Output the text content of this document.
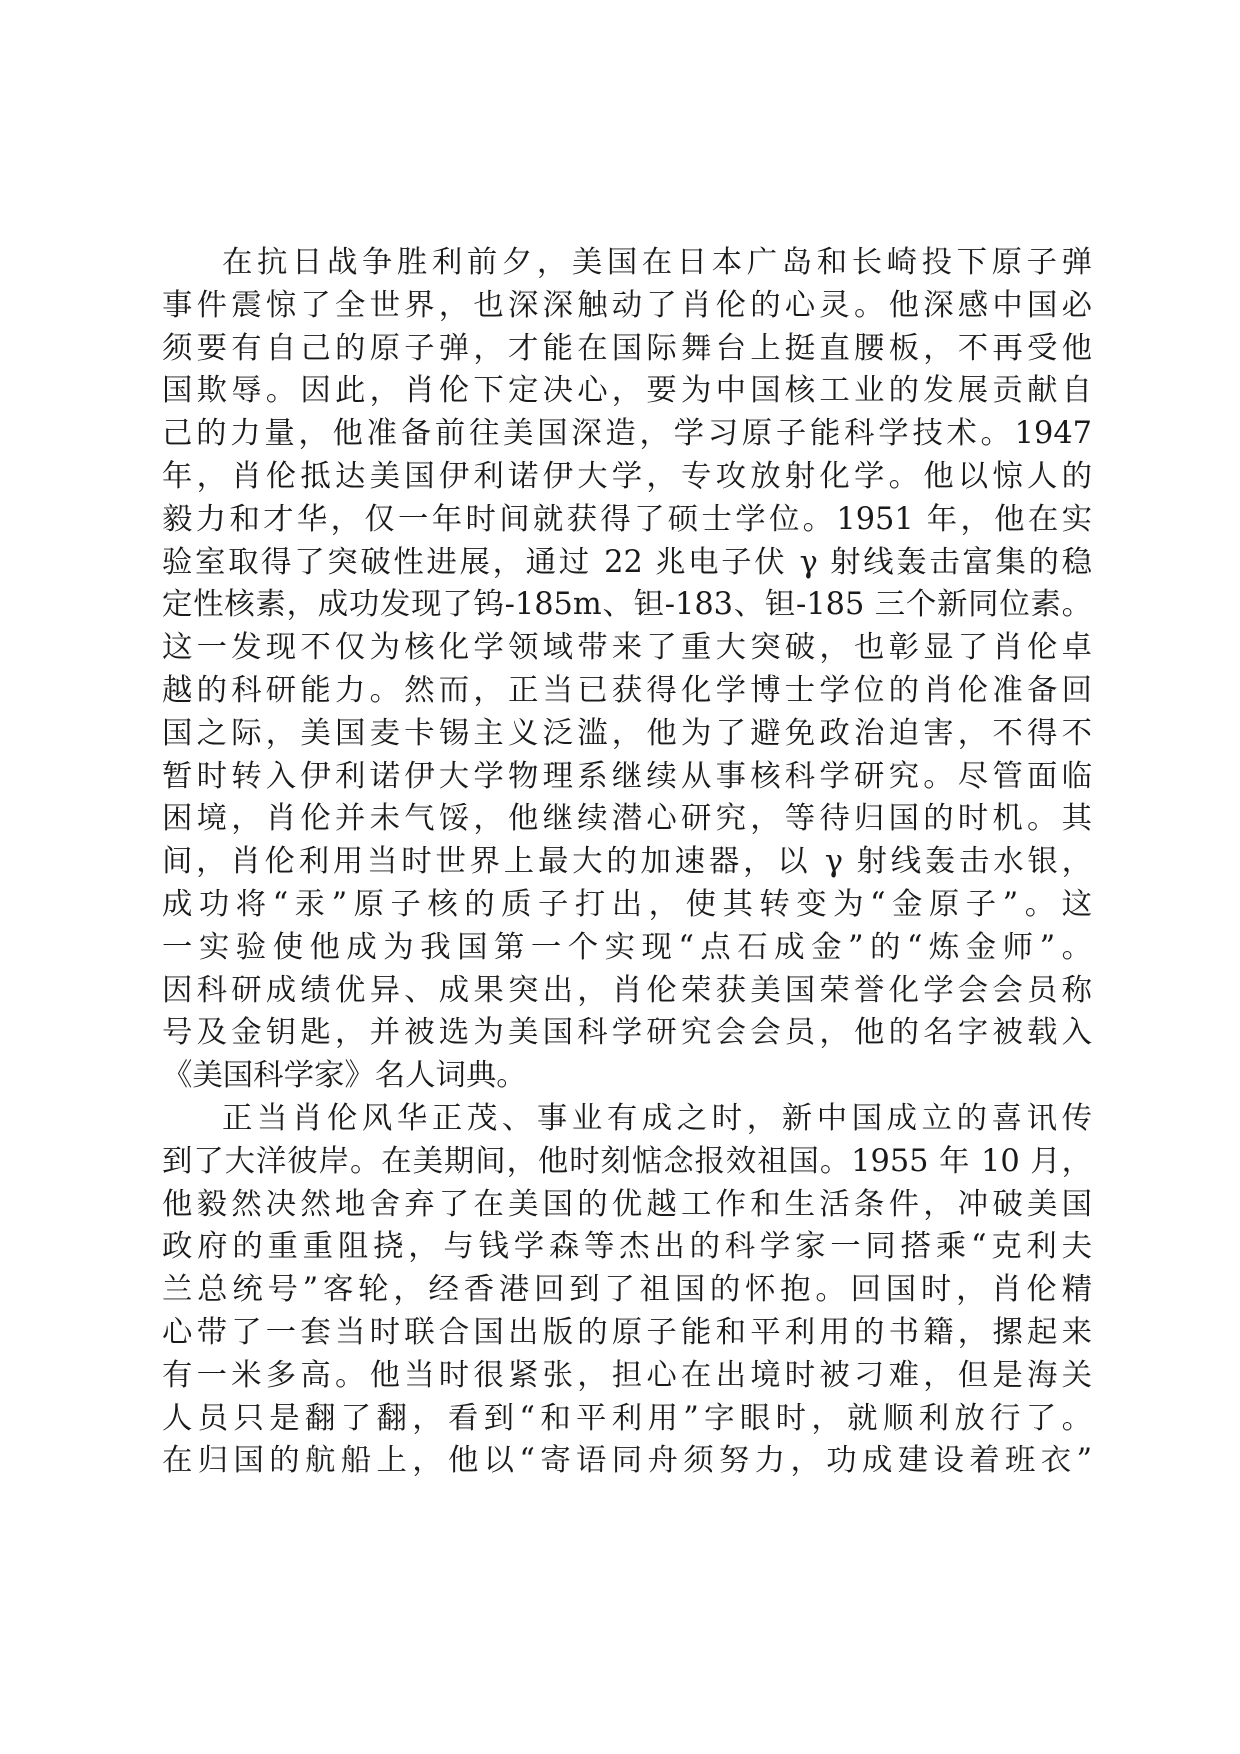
在抗日战争胜利前夕，美国在日本广岛和长崎投下原子弹
事件震惊了全世界，也深深触动了肖伦的心灵。他深感中国必
须要有自己的原子弹，才能在国际舞台上挺直腰板，不再受他
国欺辱。因此，肖伦下定决心，要为中国核工业的发展贡献自
己的力量，他准备前往美国深造，学习原子能科学技术。1947
年，肖伦抵达美国伊利诺伊大学，专攻放射化学。他以惊人的
毅力和才华，仅一年时间就获得了硕士学位。1951 年，他在实
验室取得了突破性进展，通过 22 兆电子伏 γ 射线轰击富集的稳
定性核素，成功发现了钨-185m、钽-183、钽-185 三个新同位素。
这一发现不仅为核化学领域带来了重大突破，也彰显了肖伦卓
越的科研能力。然而，正当已获得化学博士学位的肖伦准备回
国之际，美国麦卡锡主义泛滥，他为了避免政治迫害，不得不
暂时转入伊利诺伊大学物理系继续从事核科学研究。尽管面临
困境，肖伦并未气馁，他继续潜心研究，等待归国的时机。其
间，肖伦利用当时世界上最大的加速器，以 γ 射线轰击水银，
成功将“汞”原子核的质子打出，使其转变为“金原子”。这
一实验使他成为我国第一个实现“点石成金”的“炼金师”。
因科研成绩优异、成果突出，肖伦荣获美国荣誉化学会会员称
号及金钥匙，并被选为美国科学研究会会员，他的名字被载入
《美国科学家》名人词典。
正当肖伦风华正茂、事业有成之时，新中国成立的喜讯传
到了大洋彼岸。在美期间，他时刻惦念报效祖国。1955 年 10 月，
他毅然决然地舍弃了在美国的优越工作和生活条件，冲破美国
政府的重重阻挠，与钱学森等杰出的科学家一同搭乘“克利夫
兰总统号”客轮，经香港回到了祖国的怀抱。回国时，肖伦精
心带了一套当时联合国出版的原子能和平利用的书籍，摞起来
有一米多高。他当时很紧张，担心在出境时被刁难，但是海关
人员只是翻了翻，看到“和平利用”字眼时，就顺利放行了。
在归国的航船上，他以“寄语同舟须努力，功成建设着班衣”
